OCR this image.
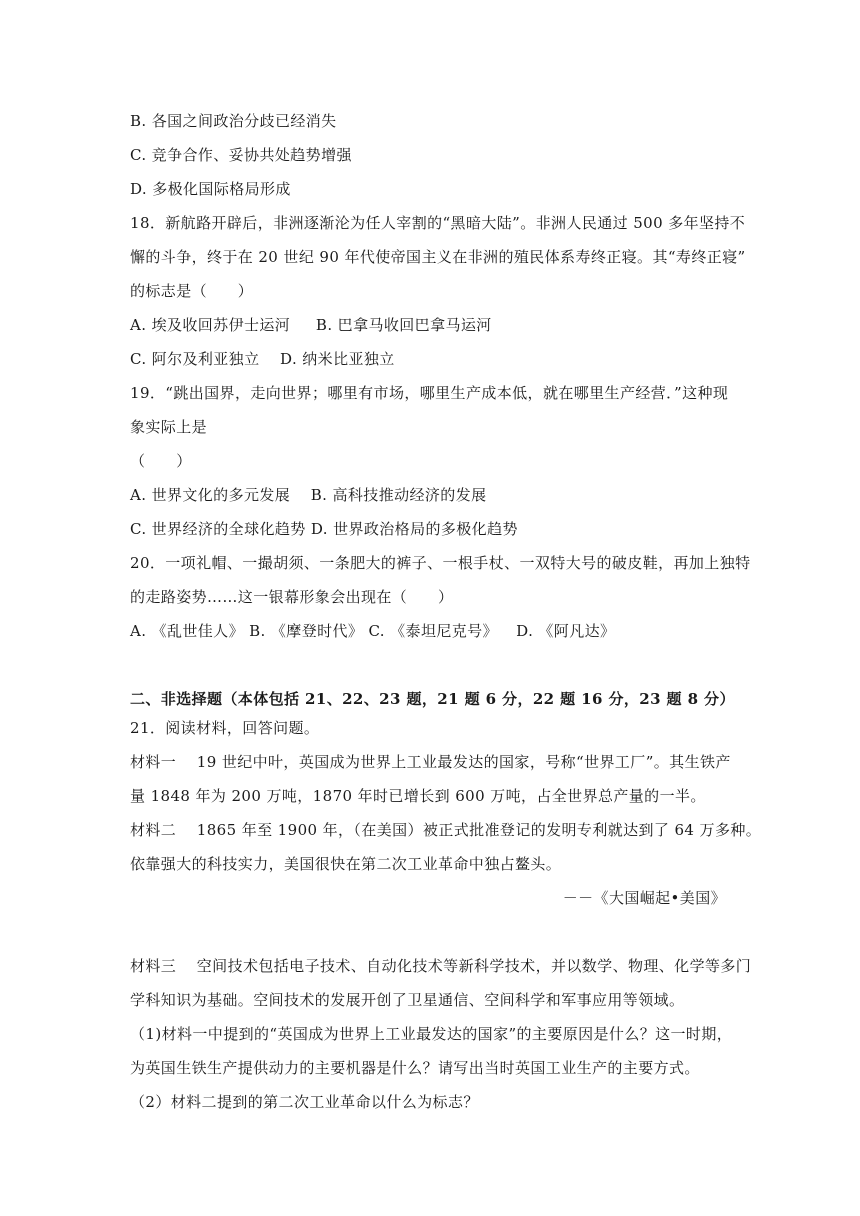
B. 各国之间政治分歧已经消失
C. 竞争合作、妥协共处趋势增强
D. 多极化国际格局形成
18．新航路开辟后，非洲逐渐沦为任人宰割的“黑暗大陆”。非洲人民通过 500 多年坚持不
懈的斗争，终于在 20 世纪 90 年代使帝国主义在非洲的殖民体系寿终正寝。其“寿终正寝”
的标志是（　　）
A. 埃及收回苏伊士运河　  B. 巴拿马收回巴拿马运河
C. 阿尔及利亚独立　 D. 纳米比亚独立
19．“跳出国界，走向世界；哪里有市场，哪里生产成本低，就在哪里生产经营．”这种现
象实际上是
（　　）
A. 世界文化的多元发展　 B. 高科技推动经济的发展
C. 世界经济的全球化趋势 D. 世界政治格局的多极化趋势
20．一项礼帽、一撮胡须、一条肥大的裤子、一根手杖、一双特大号的破皮鞋，再加上独特
的走路姿势……这一银幕形象会出现在（　　）
A. 《乱世佳人》 B. 《摩登时代》 C. 《泰坦尼克号》　  D. 《阿凡达》
二、非选择题（本体包括 21、22、23 题，21 题 6 分，22 题 16 分，23 题 8 分）
21．阅读材料，回答问题。
材料一　 19 世纪中叶，英国成为世界上工业最发达的国家，号称“世界工厂”。其生铁产
量 1848 年为 200 万吨，1870 年时已增长到 600 万吨，占全世界总产量的一半。
材料二　 1865 年至 1900 年，（在美国）被正式批准登记的发明专利就达到了 64 万多种。
依靠强大的科技实力，美国很快在第二次工业革命中独占鳌头。
－－《大国崛起•美国》
材料三　 空间技术包括电子技术、自动化技术等新科学技术，并以数学、物理、化学等多门
学科知识为基础。空间技术的发展开创了卫星通信、空间科学和军事应用等领域。
（1)材料一中提到的“英国成为世界上工业最发达的国家”的主要原因是什么？这一时期，
为英国生铁生产提供动力的主要机器是什么？请写出当时英国工业生产的主要方式。
（2）材料二提到的第二次工业革命以什么为标志？
